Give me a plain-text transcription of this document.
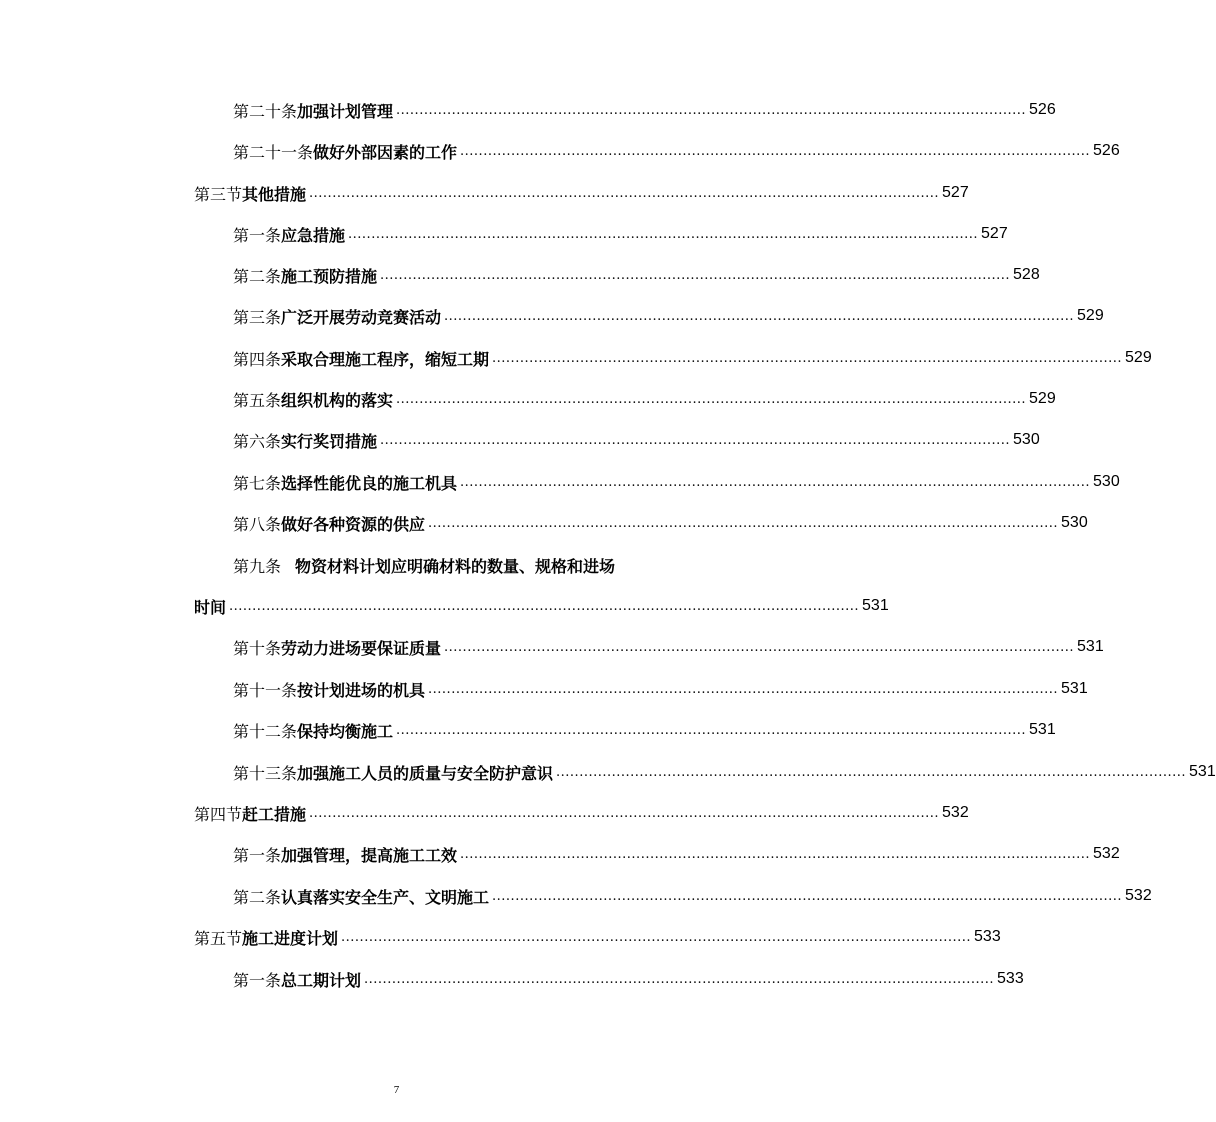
第二十条 加强计划管理 ........................................................................................................................................ 526
第二十一条 做好外部因素的工作 ........................................................................................................................................ 526
第三节 其他措施 ........................................................................................................................................ 527
第一条 应急措施 ........................................................................................................................................ 527
第二条 施工预防措施 ........................................................................................................................................ 528
第三条 广泛开展劳动竞赛活动 ........................................................................................................................................ 529
第四条 采取合理施工程序，缩短工期 ........................................................................................................................................ 529
第五条 组织机构的落实 ........................................................................................................................................ 529
第六条 实行奖罚措施 ........................................................................................................................................ 530
第七条 选择性能优良的施工机具 ........................................................................................................................................ 530
第八条 做好各种资源的供应 ........................................................................................................................................ 530
第九条 物资材料计划应明确材料的数量、规格和进场
时间 ........................................................................................................................................ 531
第十条 劳动力进场要保证质量 ........................................................................................................................................ 531
第十一条 按计划进场的机具 ........................................................................................................................................ 531
第十二条 保持均衡施工 ........................................................................................................................................ 531
第十三条 加强施工人员的质量与安全防护意识 ........................................................................................................................................ 531
第四节 赶工措施 ........................................................................................................................................ 532
第一条 加强管理，提高施工工效 ........................................................................................................................................ 532
第二条 认真落实安全生产、文明施工 ........................................................................................................................................ 532
第五节 施工进度计划 ........................................................................................................................................ 533
第一条 总工期计划 ........................................................................................................................................ 533
7
